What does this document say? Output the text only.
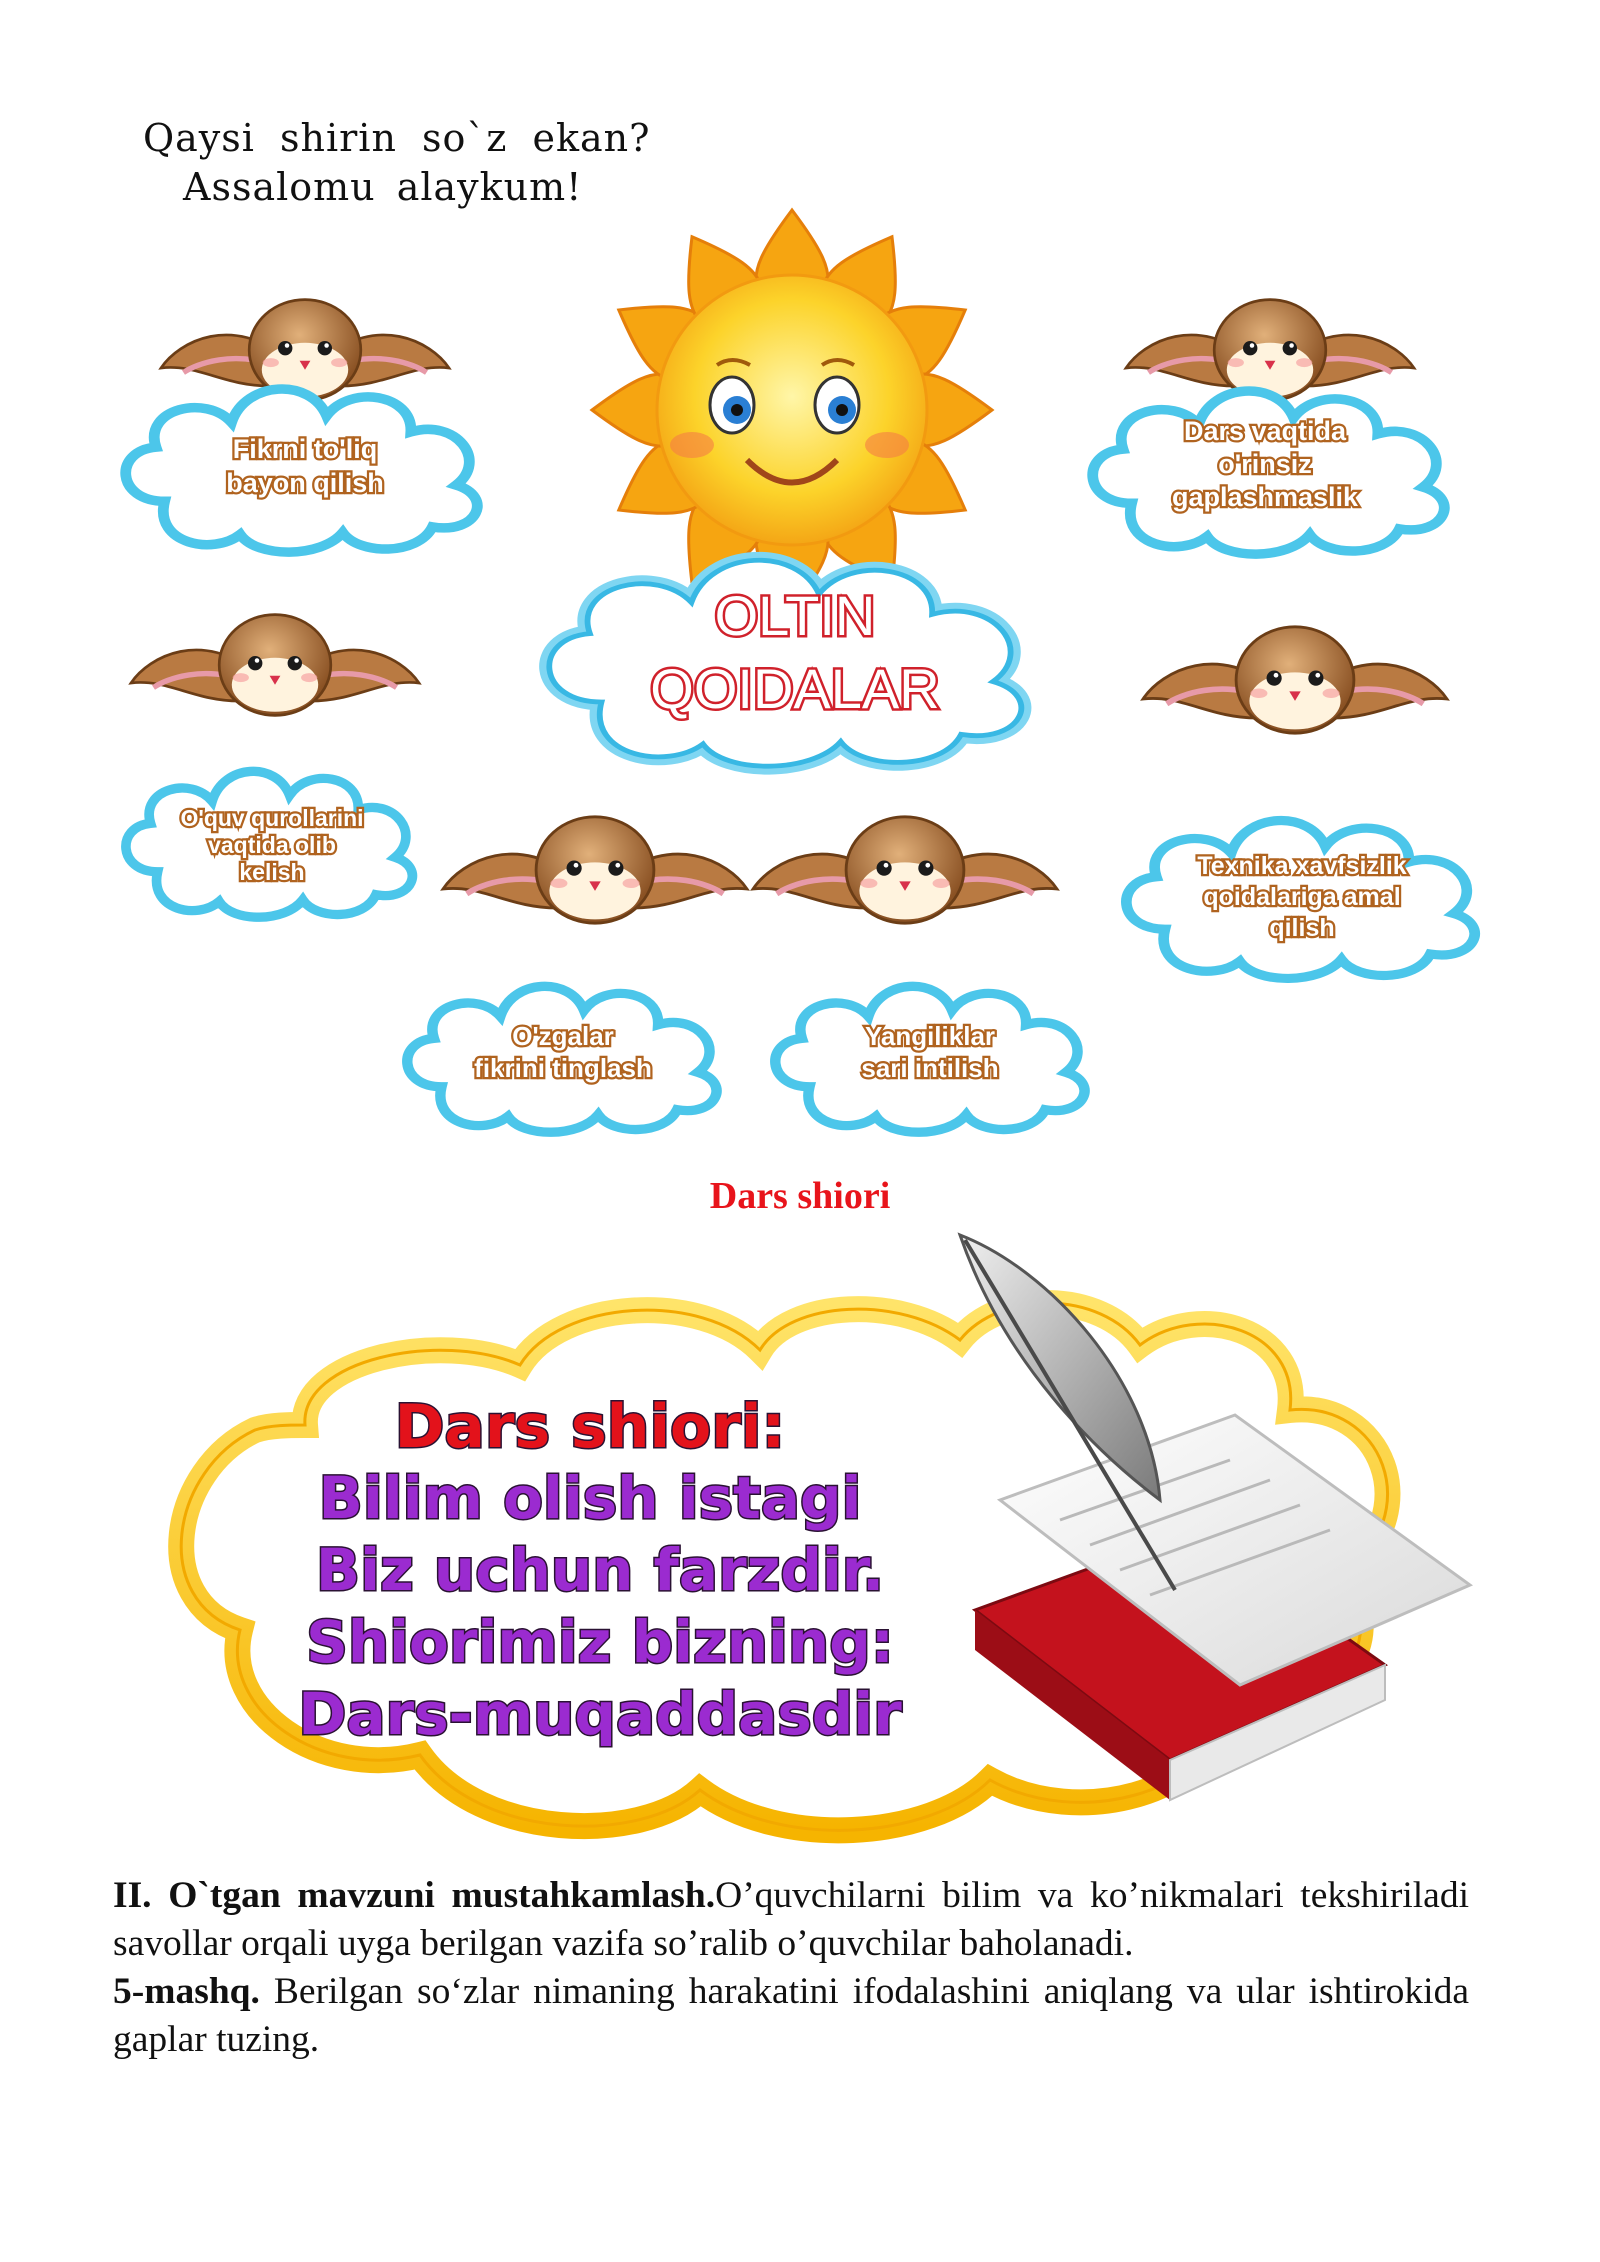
Qaysi shirin so`z ekan?
Assalomu alaykum!
OLTIN
QOIDALAR
Fikrni to'liq
bayon qilish
Dars vaqtida
o'rinsiz
gaplashmaslik
O'quv qurollarini
vaqtida olib
kelish	Texnika xavfsizlik
qoidalariga amal
qilish
O'zgalar
fikrini tinglash
Yangiliklar
sari intilish
Dars shiori
Dars shiori:
Bilim olish istagi
Biz uchun farzdir.
Shiorimiz bizning:
Dars-muqaddasdir

II. O`tgan mavzuni mustahkamlash.O’quvchilarni bilim va ko’nikmalari tekshiriladi savollar orqali uyga berilgan vazifa so’ralib o’quvchilar baholanadi.

5-mashq. Berilgan so‘zlar nimaning harakatini ifodalashini aniqlang va ular ishtirokida gaplar tuzing.
